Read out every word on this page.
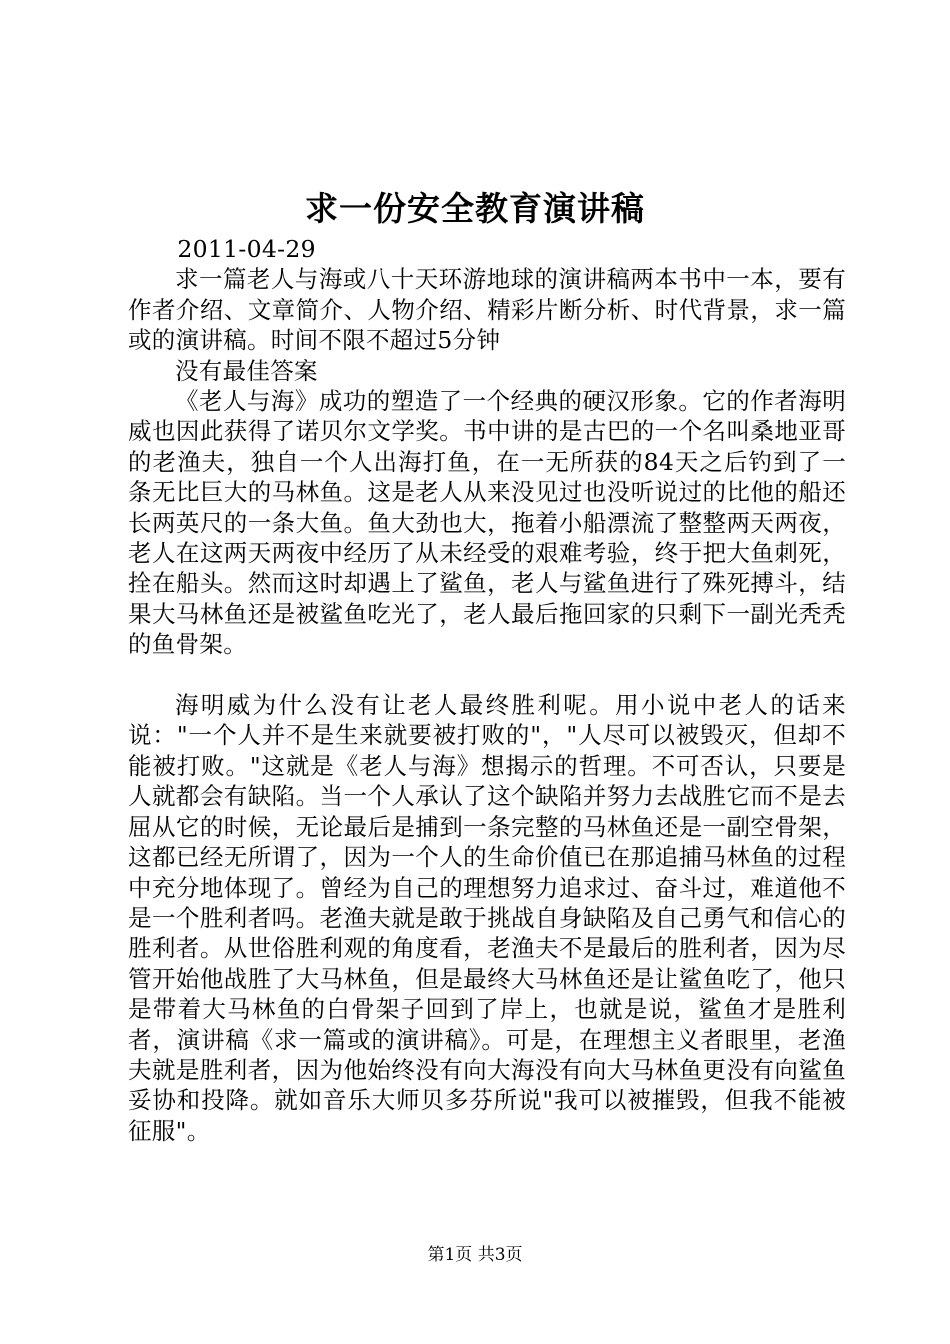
求一份安全教育演讲稿

2011-04-29

求一篇老人与海或八十天环游地球的演讲稿两本书中一本，要有作者介绍、文章简介、人物介绍、精彩片断分析、时代背景，求一篇或的演讲稿。时间不限不超过5分钟

没有最佳答案

《老人与海》成功的塑造了一个经典的硬汉形象。它的作者海明威也因此获得了诺贝尔文学奖。书中讲的是古巴的一个名叫桑地亚哥的老渔夫，独自一个人出海打鱼，在一无所获的84天之后钓到了一条无比巨大的马林鱼。这是老人从来没见过也没听说过的比他的船还长两英尺的一条大鱼。鱼大劲也大，拖着小船漂流了整整两天两夜，老人在这两天两夜中经历了从未经受的艰难考验，终于把大鱼刺死，拴在船头。然而这时却遇上了鲨鱼，老人与鲨鱼进行了殊死搏斗，结果大马林鱼还是被鲨鱼吃光了，老人最后拖回家的只剩下一副光秃秃的鱼骨架。

海明威为什么没有让老人最终胜利呢。用小说中老人的话来说："一个人并不是生来就要被打败的"，"人尽可以被毁灭，但却不能被打败。"这就是《老人与海》想揭示的哲理。不可否认，只要是人就都会有缺陷。当一个人承认了这个缺陷并努力去战胜它而不是去屈从它的时候，无论最后是捕到一条完整的马林鱼还是一副空骨架，这都已经无所谓了，因为一个人的生命价值已在那追捕马林鱼的过程中充分地体现了。曾经为自己的理想努力追求过、奋斗过，难道他不是一个胜利者吗。老渔夫就是敢于挑战自身缺陷及自己勇气和信心的胜利者。从世俗胜利观的角度看，老渔夫不是最后的胜利者，因为尽管开始他战胜了大马林鱼，但是最终大马林鱼还是让鲨鱼吃了，他只是带着大马林鱼的白骨架子回到了岸上，也就是说，鲨鱼才是胜利者，演讲稿《求一篇或的演讲稿》。可是，在理想主义者眼里，老渔夫就是胜利者，因为他始终没有向大海没有向大马林鱼更没有向鲨鱼妥协和投降。就如音乐大师贝多芬所说"我可以被摧毁，但我不能被征服"。

第1页 共3页
